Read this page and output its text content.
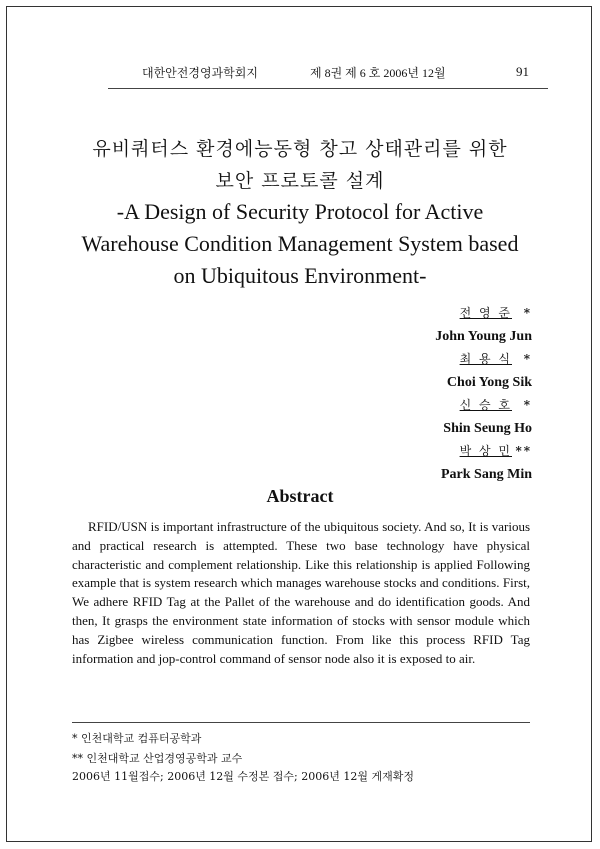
대한안전경영과학회지	제 8권 제 6 호 2006년 12월	91
유비쿼터스 환경에능동형 창고 상태관리를 위한
보안 프로토콜 설계
-A Design of Security Protocol for Active Warehouse Condition Management System based on Ubiquitous Environment-
전 영 준 *
John Young Jun
최 용 식 *
Choi Yong Sik
신 승 호 *
Shin Seung Ho
박 상 민 **
Park Sang Min
Abstract

RFID/USN is important infrastructure of the ubiquitous society. And so, It is various and practical research is attempted. These two base technology have physical characteristic and complement relationship. Like this relationship is applied Following example that is system research which manages warehouse stocks and conditions. First, We adhere RFID Tag at the Pallet of the warehouse and do identification goods. And then, It grasps the environment state information of stocks with sensor module which has Zigbee wireless communication function. From like this process RFID Tag information and jop-control command of sensor node also it is exposed to air.

* 인천대학교 컴퓨터공학과
** 인천대학교 산업경영공학과 교수
2006년 11월접수; 2006년 12월 수정본 접수; 2006년 12월 게재확정
